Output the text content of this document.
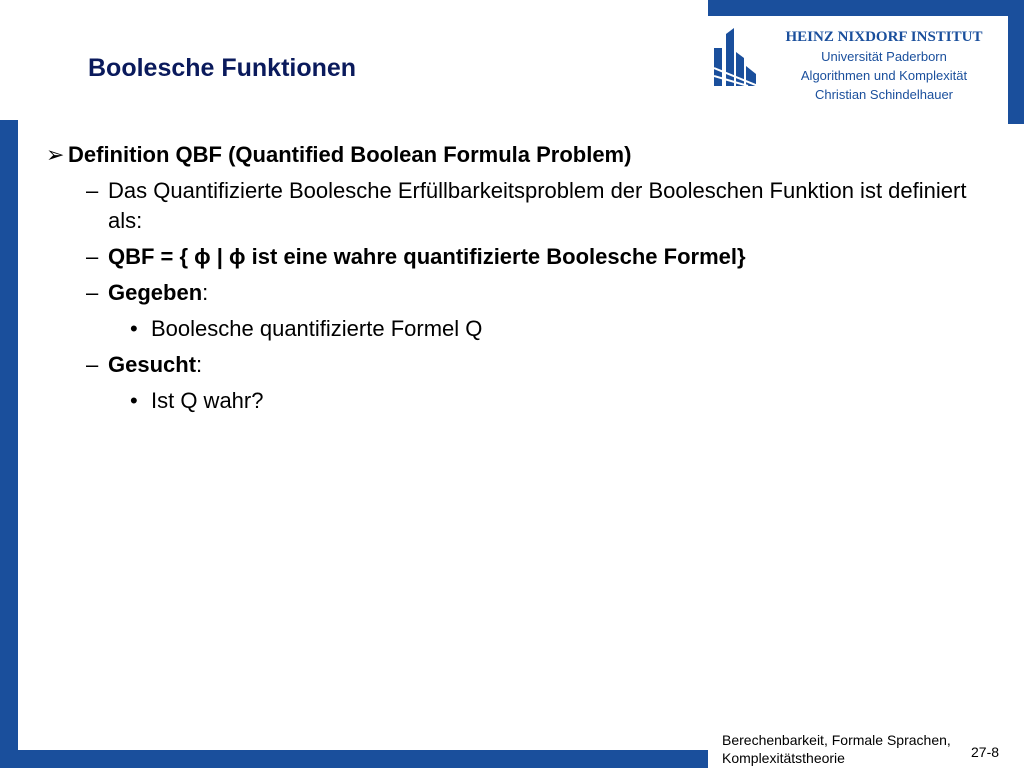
Boolesche Funktionen
HEINZ NIXDORF INSTITUT
Universität Paderborn
Algorithmen und Komplexität
Christian Schindelhauer
➢ Definition QBF (Quantified Boolean Formula Problem)
– Das Quantifizierte Boolesche Erfüllbarkeitsproblem der Booleschen Funktion ist definiert als:
– QBF = { ϕ | ϕ ist eine wahre quantifizierte Boolesche Formel}
– Gegeben:
• Boolesche quantifizierte Formel Q
– Gesucht:
• Ist Q wahr?
Berechenbarkeit, Formale Sprachen,
Komplexitätstheorie	27-8
